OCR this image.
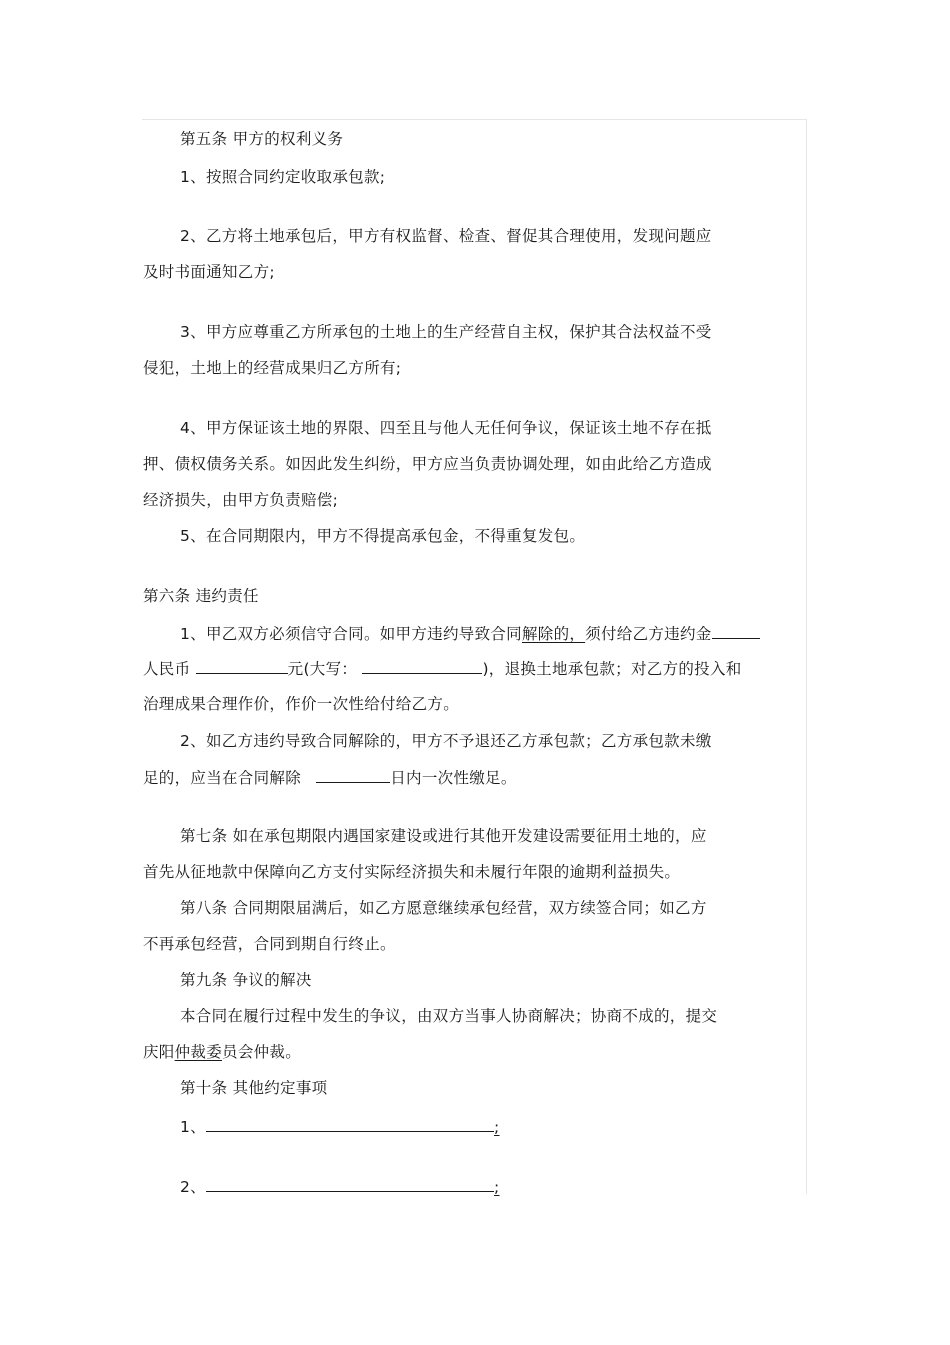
第五条 甲方的权利义务
1、按照合同约定收取承包款;
2、乙方将土地承包后，甲方有权监督、检查、督促其合理使用，发现问题应
及时书面通知乙方;
3、甲方应尊重乙方所承包的土地上的生产经营自主权，保护其合法权益不受
侵犯，土地上的经营成果归乙方所有;
4、甲方保证该土地的界限、四至且与他人无任何争议，保证该土地不存在抵
押、债权债务关系。如因此发生纠纷，甲方应当负责协调处理，如由此给乙方造成
经济损失，由甲方负责赔偿;
5、在合同期限内，甲方不得提高承包金，不得重复发包。
第六条 违约责任
1、甲乙双方必须信守合同。如甲方违约导致合同解除的，须付给乙方违约金
人民币	元(大写：	)，退换土地承包款；对乙方的投入和
治理成果合理作价，作价一次性给付给乙方。
2、如乙方违约导致合同解除的，甲方不予退还乙方承包款；乙方承包款未缴
足的，应当在合同解除	日内一次性缴足。
第七条 如在承包期限内遇国家建设或进行其他开发建设需要征用土地的，应
首先从征地款中保障向乙方支付实际经济损失和未履行年限的逾期利益损失。
第八条 合同期限届满后，如乙方愿意继续承包经营，双方续签合同；如乙方
不再承包经营，合同到期自行终止。
第九条 争议的解决
本合同在履行过程中发生的争议，由双方当事人协商解决；协商不成的，提交
庆阳仲裁委员会仲裁。
第十条 其他约定事项
1、	;
2、	;
